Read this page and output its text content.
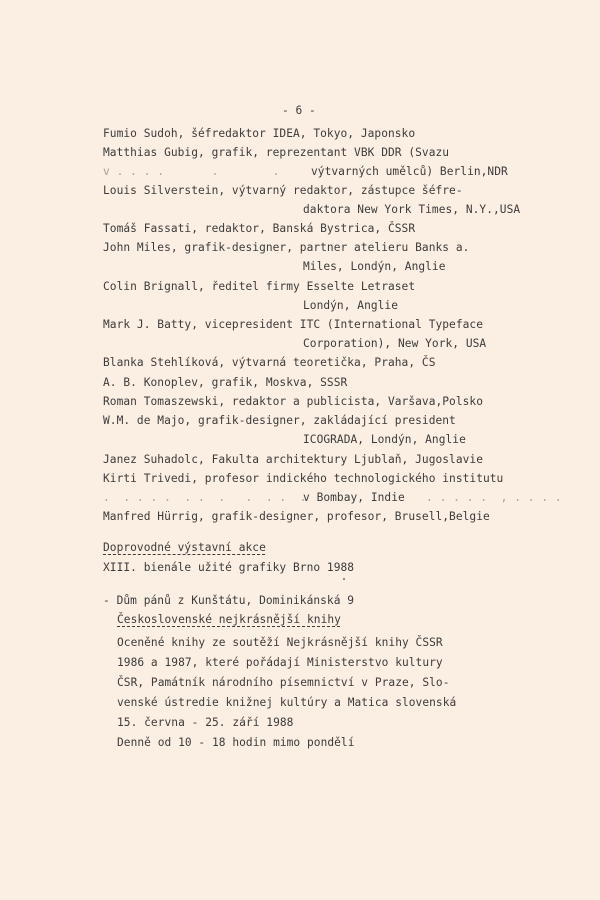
- 6 -
Fumio Sudoh, šéfredaktor IDEA, Tokyo, Japonsko
Matthias Gubig, grafik, reprezentant VBK DDR (Svazu
v . . . .       .        .	výtvarných umělců) Berlin,NDR
Louis Silverstein, výtvarný redaktor, zástupce šéfre-
daktora New York Times, N.Y.,USA
Tomáš Fassati, redaktor, Banská Bystrica, ČSSR
John Miles, grafik-designer, partner atelieru Banks a.
Miles, Londýn, Anglie
Colin Brignall, ředitel firmy Esselte Letraset
Londýn, Anglie
Mark J. Batty, vicepresident ITC (International Typeface
Corporation), New York, USA
Blanka Stehlíková, výtvarná teoretička, Praha, ČS
A. B. Konoplev, grafik, Moskva, SSSR
Roman Tomaszewski, redaktor a publicista, Varšava,Polsko
W.M. de Majo, grafik-designer, zakládající president
ICOGRADA, Londýn, Anglie
Janez Suhadolc, Fakulta architektury Ljublaň, Jugoslavie
Kirti Trivedi, profesor indického technologického institutu
.  . . . .  . .  .   .  . .  .
v Bombay, Indie . . . . .  , . . . .
Manfred Hürrig, grafik-designer, profesor, Brusell,Belgie
Doprovodné výstavní akce
XIII. bienále užité grafiky Brno 1988
- Dům pánů z Kunštátu, Dominikánská 9
Československé nejkrásnější knihy
Oceněné knihy ze soutěží Nejkrásnější knihy ČSSR
1986 a 1987, které pořádají Ministerstvo kultury
ČSR, Památník národního písemnictví v Praze, Slo-
venské ústredie knižnej kultúry a Matica slovenská
15. června - 25. září 1988
Denně od 10 - 18 hodin mimo pondělí
